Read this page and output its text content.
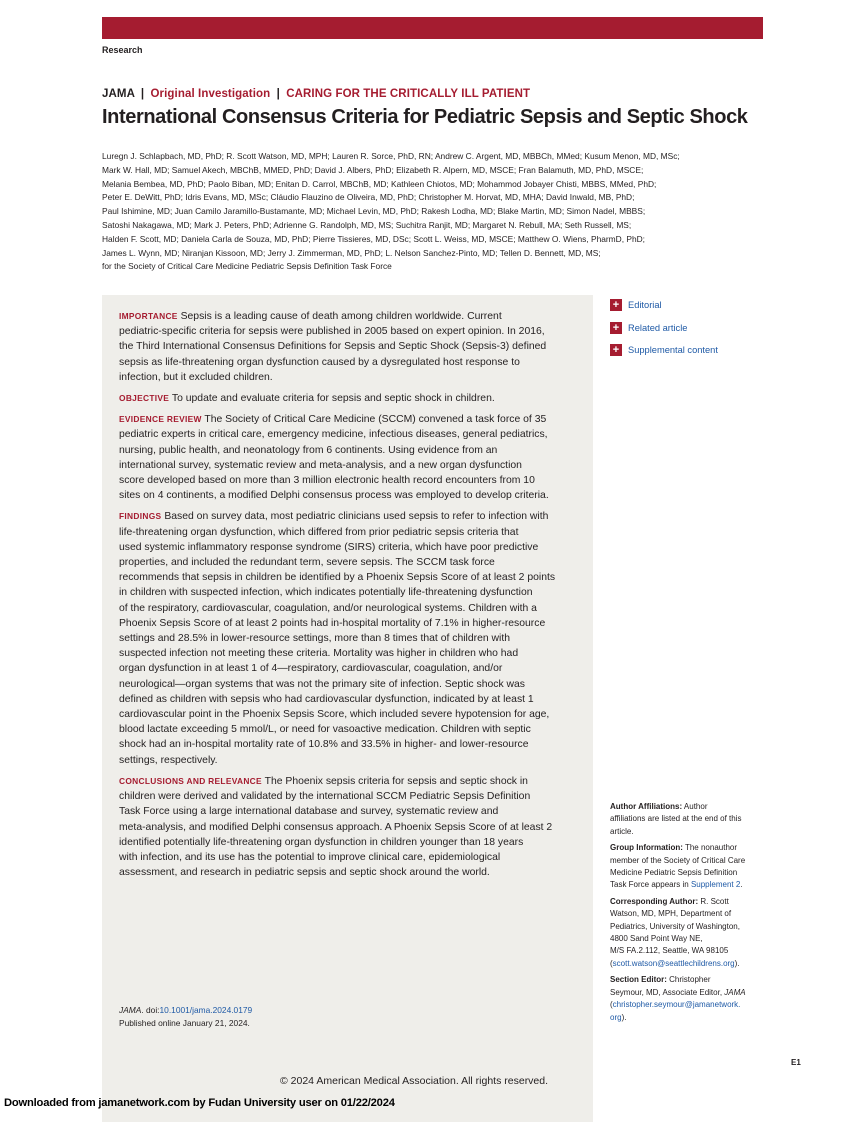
Research
JAMA | Original Investigation | CARING FOR THE CRITICALLY ILL PATIENT
International Consensus Criteria for Pediatric Sepsis and Septic Shock
Luregn J. Schlapbach, MD, PhD; R. Scott Watson, MD, MPH; Lauren R. Sorce, PhD, RN; Andrew C. Argent, MD, MBBCh, MMed; Kusum Menon, MD, MSc;
Mark W. Hall, MD; Samuel Akech, MBChB, MMED, PhD; David J. Albers, PhD; Elizabeth R. Alpern, MD, MSCE; Fran Balamuth, MD, PhD, MSCE;
Melania Bembea, MD, PhD; Paolo Biban, MD; Enitan D. Carrol, MBChB, MD; Kathleen Chiotos, MD; Mohammod Jobayer Chisti, MBBS, MMed, PhD;
Peter E. DeWitt, PhD; Idris Evans, MD, MSc; Cláudio Flauzino de Oliveira, MD, PhD; Christopher M. Horvat, MD, MHA; David Inwald, MB, PhD;
Paul Ishimine, MD; Juan Camilo Jaramillo-Bustamante, MD; Michael Levin, MD, PhD; Rakesh Lodha, MD; Blake Martin, MD; Simon Nadel, MBBS;
Satoshi Nakagawa, MD; Mark J. Peters, PhD; Adrienne G. Randolph, MD, MS; Suchitra Ranjit, MD; Margaret N. Rebull, MA; Seth Russell, MS;
Halden F. Scott, MD; Daniela Carla de Souza, MD, PhD; Pierre Tissieres, MD, DSc; Scott L. Weiss, MD, MSCE; Matthew O. Wiens, PharmD, PhD;
James L. Wynn, MD; Niranjan Kissoon, MD; Jerry J. Zimmerman, MD, PhD; L. Nelson Sanchez-Pinto, MD; Tellen D. Bennett, MD, MS;
for the Society of Critical Care Medicine Pediatric Sepsis Definition Task Force

IMPORTANCE Sepsis is a leading cause of death among children worldwide. Current
pediatric-specific criteria for sepsis were published in 2005 based on expert opinion. In 2016,
the Third International Consensus Definitions for Sepsis and Septic Shock (Sepsis-3) defined
sepsis as life-threatening organ dysfunction caused by a dysregulated host response to
infection, but it excluded children.

OBJECTIVE To update and evaluate criteria for sepsis and septic shock in children.

EVIDENCE REVIEW The Society of Critical Care Medicine (SCCM) convened a task force of 35
pediatric experts in critical care, emergency medicine, infectious diseases, general pediatrics,
nursing, public health, and neonatology from 6 continents. Using evidence from an
international survey, systematic review and meta-analysis, and a new organ dysfunction
score developed based on more than 3 million electronic health record encounters from 10
sites on 4 continents, a modified Delphi consensus process was employed to develop criteria.

FINDINGS Based on survey data, most pediatric clinicians used sepsis to refer to infection with
life-threatening organ dysfunction, which differed from prior pediatric sepsis criteria that
used systemic inflammatory response syndrome (SIRS) criteria, which have poor predictive
properties, and included the redundant term, severe sepsis. The SCCM task force
recommends that sepsis in children be identified by a Phoenix Sepsis Score of at least 2 points
in children with suspected infection, which indicates potentially life-threatening dysfunction
of the respiratory, cardiovascular, coagulation, and/or neurological systems. Children with a
Phoenix Sepsis Score of at least 2 points had in-hospital mortality of 7.1% in higher-resource
settings and 28.5% in lower-resource settings, more than 8 times that of children with
suspected infection not meeting these criteria. Mortality was higher in children who had
organ dysfunction in at least 1 of 4—respiratory, cardiovascular, coagulation, and/or
neurological—organ systems that was not the primary site of infection. Septic shock was
defined as children with sepsis who had cardiovascular dysfunction, indicated by at least 1
cardiovascular point in the Phoenix Sepsis Score, which included severe hypotension for age,
blood lactate exceeding 5 mmol/L, or need for vasoactive medication. Children with septic
shock had an in-hospital mortality rate of 10.8% and 33.5% in higher- and lower-resource
settings, respectively.

CONCLUSIONS AND RELEVANCE The Phoenix sepsis criteria for sepsis and septic shock in
children were derived and validated by the international SCCM Pediatric Sepsis Definition
Task Force using a large international database and survey, systematic review and
meta-analysis, and modified Delphi consensus approach. A Phoenix Sepsis Score of at least 2
identified potentially life-threatening organ dysfunction in children younger than 18 years
with infection, and its use has the potential to improve clinical care, epidemiological
assessment, and research in pediatric sepsis and septic shock around the world.

JAMA. doi:10.1001/jama.2024.0179
Published online January 21, 2024.
© 2024 American Medical Association. All rights reserved.
+ Editorial
+ Related article
+ Supplemental content

Author Affiliations: Author
affiliations are listed at the end of this
article.

Group Information: The nonauthor
member of the Society of Critical Care
Medicine Pediatric Sepsis Definition
Task Force appears in Supplement 2.

Corresponding Author: R. Scott
Watson, MD, MPH, Department of
Pediatrics, University of Washington,
4800 Sand Point Way NE,
M/S FA.2.112, Seattle, WA 98105
(scott.watson@seattlechildrens.org).

Section Editor: Christopher
Seymour, MD, Associate Editor, JAMA
(christopher.seymour@jamanetwork.
org).

E1
Downloaded from jamanetwork.com by Fudan University user on 01/22/2024
